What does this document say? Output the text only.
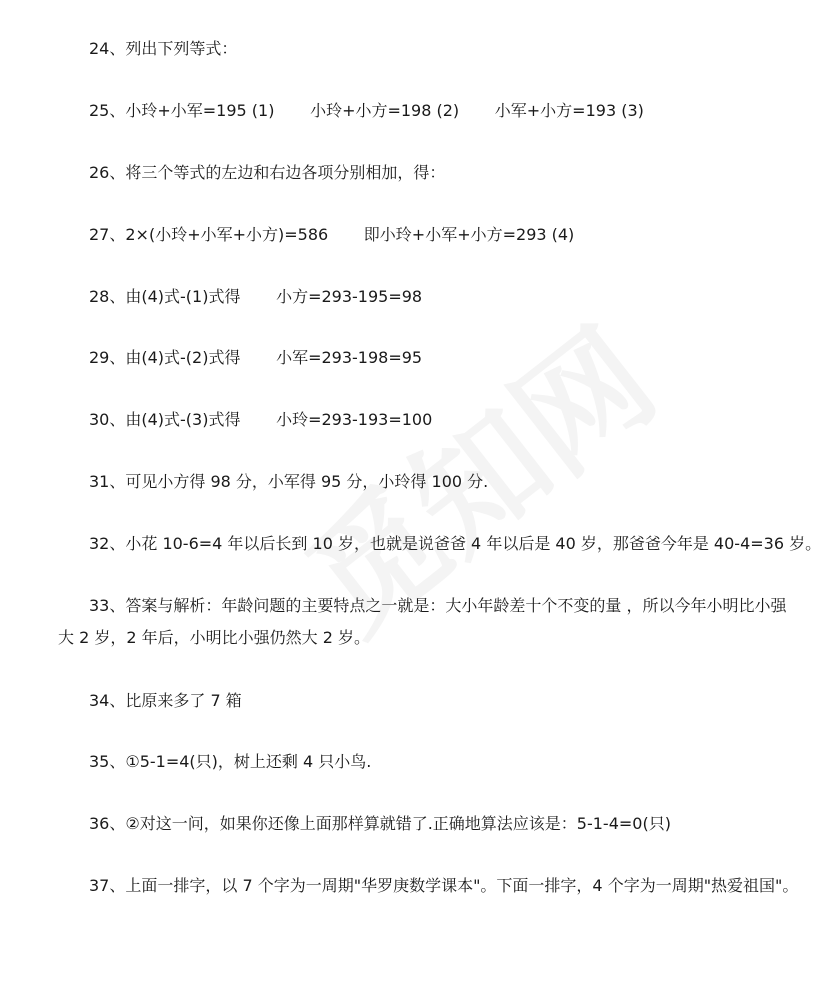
24、列出下列等式：
25、小玲+小军=195 (1)       小玲+小方=198 (2)       小军+小方=193 (3)
26、将三个等式的左边和右边各项分别相加，得：
27、2×(小玲+小军+小方)=586       即小玲+小军+小方=293 (4)
28、由(4)式-(1)式得       小方=293-195=98
29、由(4)式-(2)式得       小军=293-198=95
30、由(4)式-(3)式得       小玲=293-193=100
31、可见小方得 98 分，小军得 95 分，小玲得 100 分.
32、小花 10-6=4 年以后长到 10 岁，也就是说爸爸 4 年以后是 40 岁，那爸爸今年是 40-4=36 岁。
33、答案与解析：年龄问题的主要特点之一就是：大小年龄差十个不变的量 ，所以今年小明比小强
大 2 岁，2 年后，小明比小强仍然大 2 岁。
34、比原来多了 7 箱
35、①5-1=4(只)，树上还剩 4 只小鸟.
36、②对这一问，如果你还像上面那样算就错了.正确地算法应该是：5-1-4=0(只)
37、上面一排字，以 7 个字为一周期"华罗庚数学课本"。下面一排字，4 个字为一周期"热爱祖国"。
